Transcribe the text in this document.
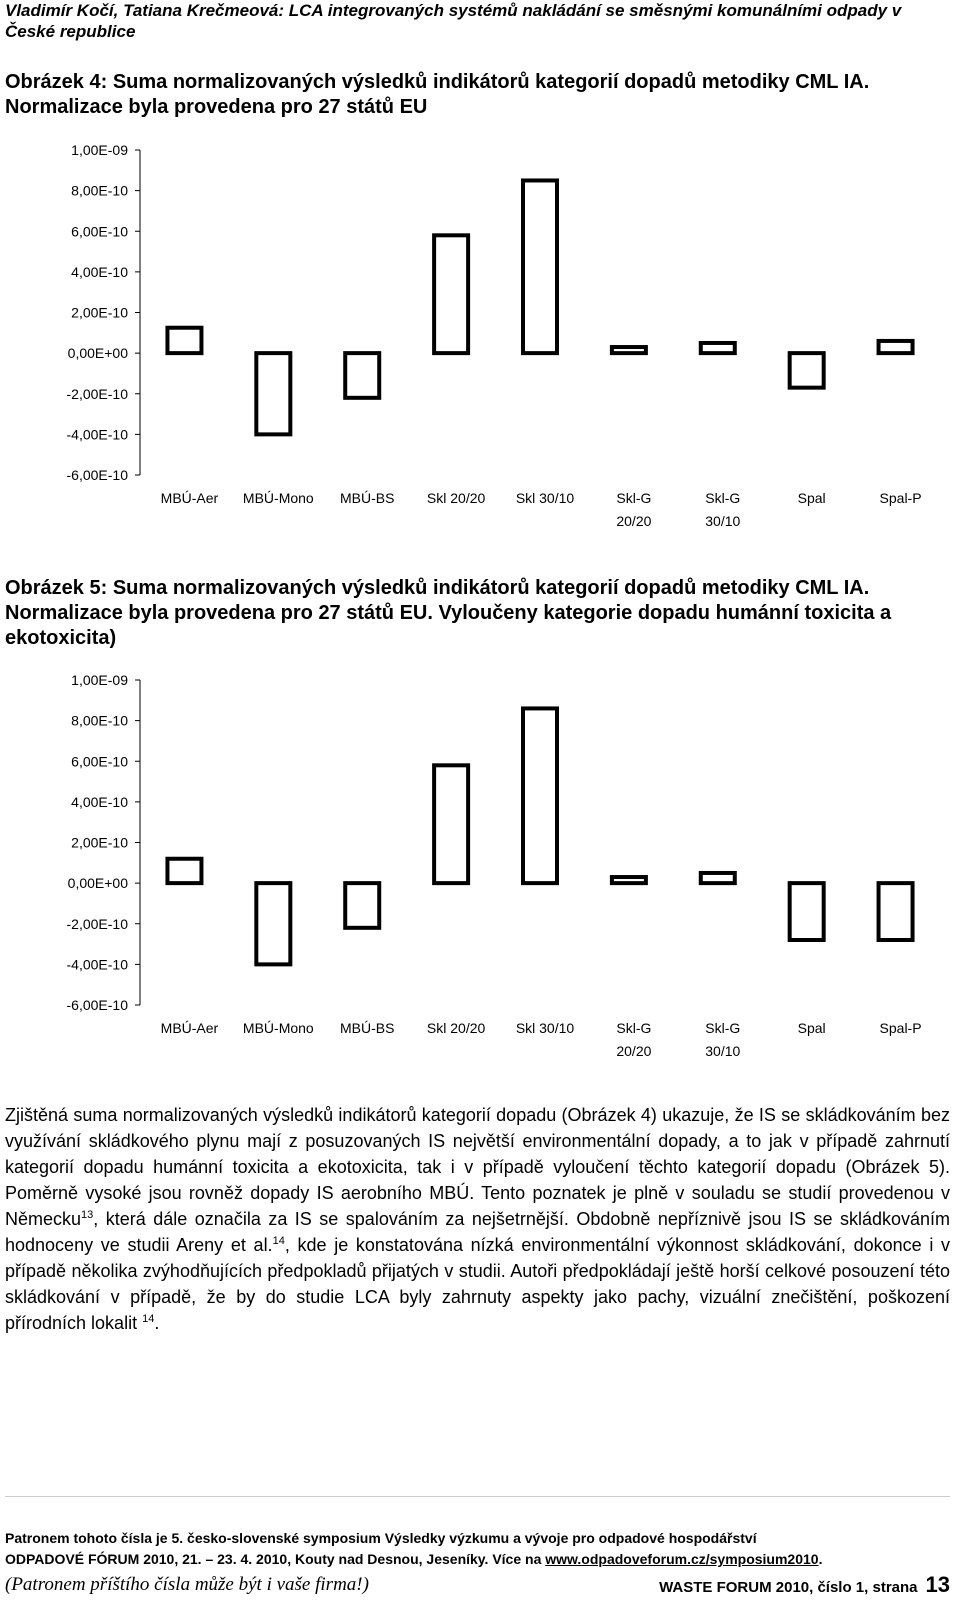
Vladimír Kočí, Tatiana Krečmeová: LCA integrovaných systémů nakládání se směsnými komunálními odpady v České republice
Obrázek 4: Suma normalizovaných výsledků indikátorů kategorií dopadů metodiky CML IA. Normalizace byla provedena pro 27 států EU
1,00E-09
8,00E-10
6,00E-10
4,00E-10
2,00E-10
0,00E+00
-2,00E-10
-4,00E-10
-6,00E-10
MBÚ-Aer MBÚ-Mono MBÚ-BS Skl 20/20 Skl 30/10	Skl-G
20/20
Skl-G
30/10
Spal	Spal-P
Obrázek 5: Suma normalizovaných výsledků indikátorů kategorií dopadů metodiky CML IA. Normalizace byla provedena pro 27 států EU. Vyloučeny kategorie dopadu humánní toxicita a ekotoxicita)
1,00E-09
8,00E-10
6,00E-10
4,00E-10
2,00E-10
0,00E+00
-2,00E-10
-4,00E-10
-6,00E-10
MBÚ-Aer MBÚ-Mono MBÚ-BS Skl 20/20 Skl 30/10	Skl-G
20/20
Skl-G
30/10
Spal	Spal-P
Zjištěná suma normalizovaných výsledků indikátorů kategorií dopadu (Obrázek 4) ukazuje, že IS se skládkováním bez využívání skládkového plynu mají z posuzovaných IS největší environmentální dopady, a to jak v případě zahrnutí kategorií dopadu humánní toxicita a ekotoxicita, tak i v případě vyloučení těchto kategorií dopadu (Obrázek 5). Poměrně vysoké jsou rovněž dopady IS aerobního MBÚ. Tento poznatek je plně v souladu se studií provedenou v Německu$^{13}$, která dále označila za IS se spalováním za nejšetrnější. Obdobně nepříznivě jsou IS se skládkováním hodnoceny ve studii Areny et al.$^{14}$, kde je konstatována nízká environmentální výkonnost skládkování, dokonce i v případě několika zvýhodňujících předpokladů přijatých v studii. Autoři předpokládají ještě horší celkové posouzení této skládkování v případě, že by do studie LCA byly zahrnuty aspekty jako pachy, vizuální znečištění, poškození přírodních lokalit $^{14}$.
Patronem tohoto čísla je 5. česko-slovenské symposium Výsledky výzkumu a vývoje pro odpadové hospodářství
ODPADOVÉ FÓRUM 2010, 21. – 23. 4. 2010, Kouty nad Desnou, Jeseníky. Více na www.odpadoveforum.cz/symposium2010.
(Patronem příštího čísla může být i vaše firma!)	WASTE FORUM 2010, číslo 1, strana 13
